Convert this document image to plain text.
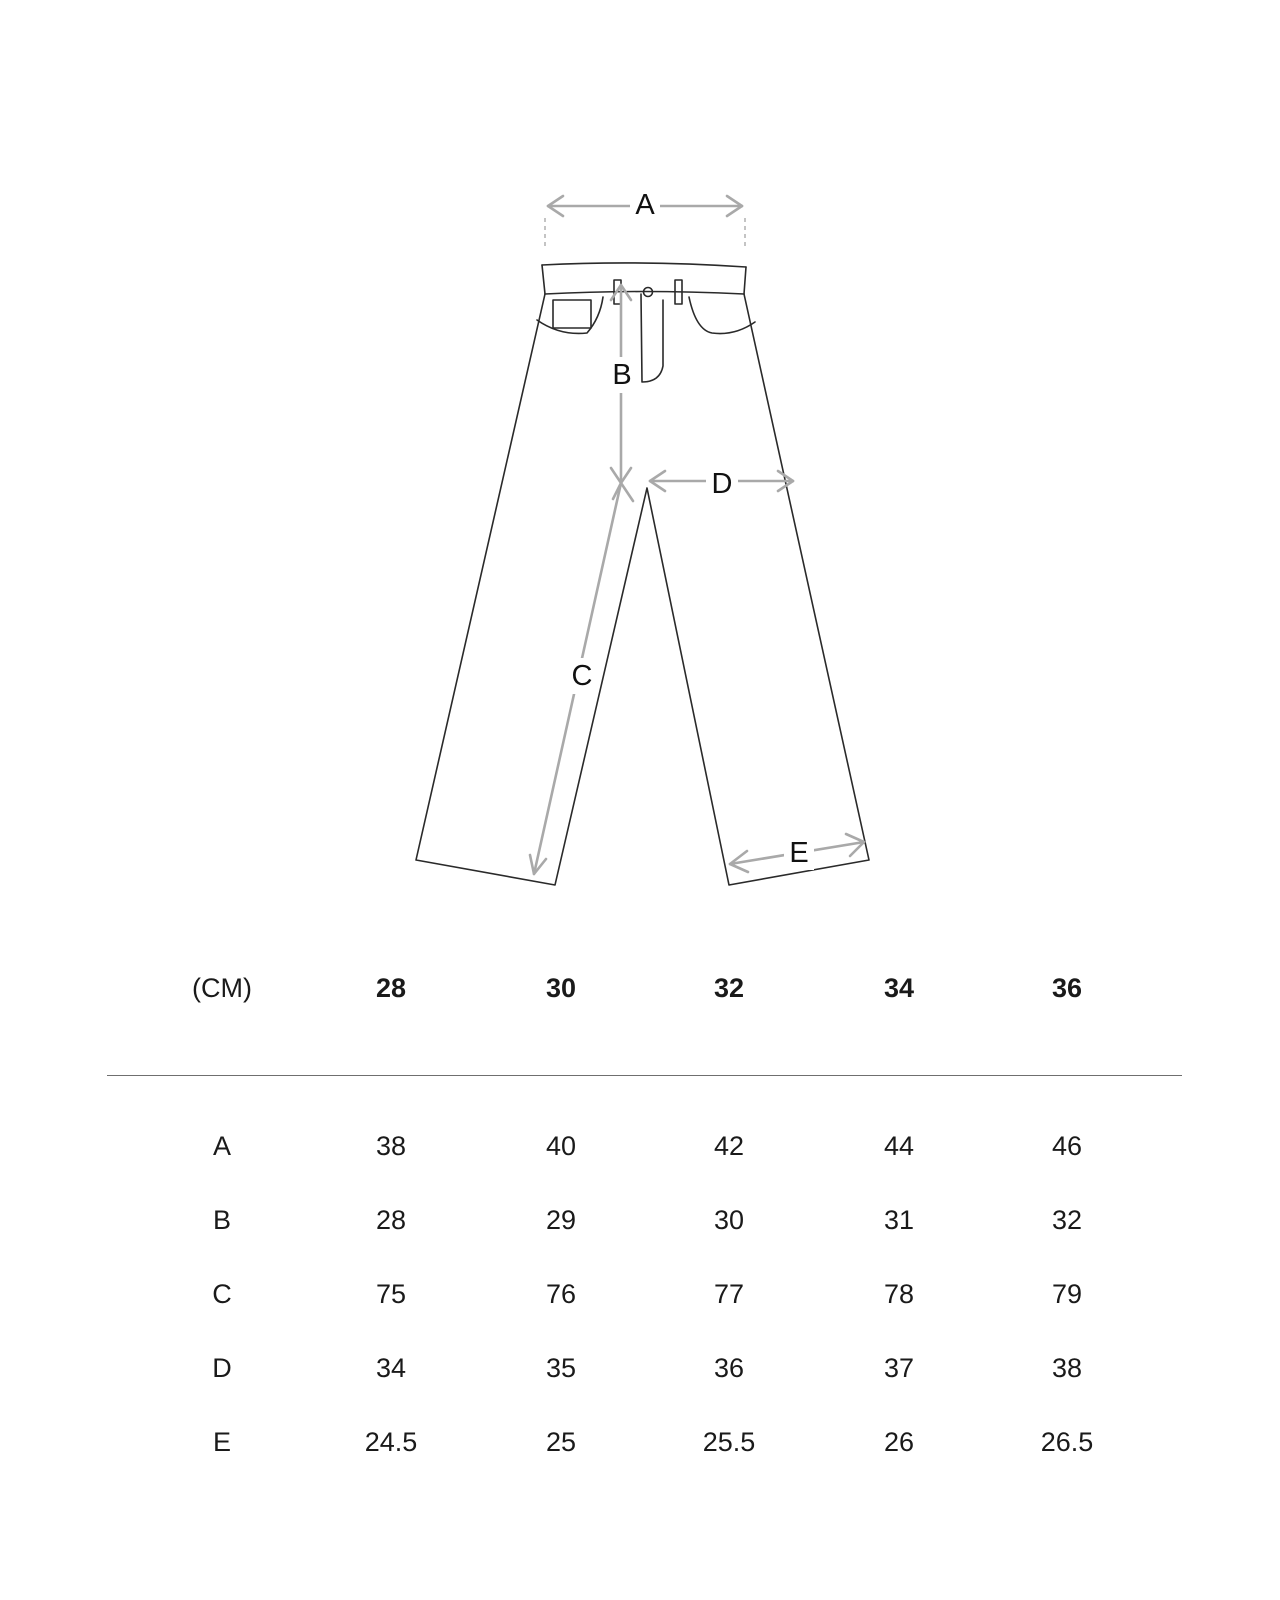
A
B
C
D
E
(CM)	28	30	32	34	36
A	38	40	42	44	46
B	28	29	30	31	32
C	75	76	77	78	79
D	34	35	36	37	38
E	24.5	25	25.5	26	26.5
